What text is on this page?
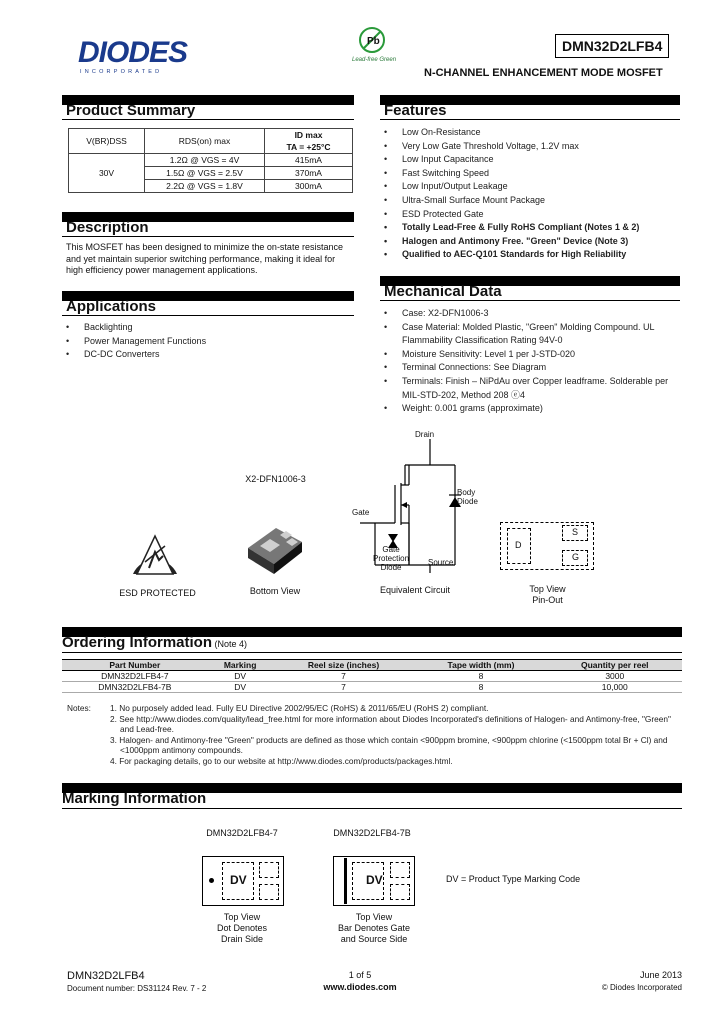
DIODES
INCORPORATED
Pb
Lead-free Green
DMN32D2LFB4
N-CHANNEL ENHANCEMENT MODE MOSFET
Product Summary
V(BR)DSS	RDS(on) max	ID max
		TA = +25°C
30V	1.2Ω @ VGS = 4V	415mA
	1.5Ω @ VGS = 2.5V	370mA
	2.2Ω @ VGS = 1.8V	300mA
Description
This MOSFET has been designed to minimize the on-state resistance
and yet maintain superior switching performance, making it ideal for
high efficiency power management applications.
Applications
• Backlighting
• Power Management Functions
• DC-DC Converters
Features
• Low On-Resistance
• Very Low Gate Threshold Voltage, 1.2V max
• Low Input Capacitance
• Fast Switching Speed
• Low Input/Output Leakage
• Ultra-Small Surface Mount Package
• ESD Protected Gate
• Totally Lead-Free & Fully RoHS Compliant (Notes 1 & 2)
• Halogen and Antimony Free. "Green" Device (Note 3)
• Qualified to AEC-Q101 Standards for High Reliability
Mechanical Data
• Case: X2-DFN1006-3
• Case Material: Molded Plastic, "Green" Molding Compound. UL Flammability Classification Rating 94V-0
• Moisture Sensitivity: Level 1 per J-STD-020
• Terminal Connections: See Diagram
• Terminals: Finish – NiPdAu over Copper leadframe. Solderable per MIL-STD-202, Method 208 ⓔ4
• Weight: 0.001 grams (approximate)
ESD PROTECTED
X2-DFN1006-3
Bottom View
Drain
Gate
Source
Body
Diode
Gate
Protection
Diode
Equivalent Circuit
D
S
G
Top View
Pin-Out
Ordering Information (Note 4)
Part Number	Marking	Reel size (inches)	Tape width (mm)	Quantity per reel
DMN32D2LFB4-7	DV	7	8	3000
DMN32D2LFB4-7B	DV	7	8	10,000
Notes: 1. No purposely added lead. Fully EU Directive 2002/95/EC (RoHS) & 2011/65/EU (RoHS 2) compliant.
2. See http://www.diodes.com/quality/lead_free.html for more information about Diodes Incorporated's definitions of Halogen- and Antimony-free, "Green"
and Lead-free.
3. Halogen- and Antimony-free "Green" products are defined as those which contain <900ppm bromine, <900ppm chlorine (<1500ppm total Br + Cl) and
<1000ppm antimony compounds.
4. For packaging details, go to our website at http://www.diodes.com/products/packages.html.
Marking Information
DMN32D2LFB4-7	DMN32D2LFB4-7B
DV
Top View
Dot Denotes
Drain Side
DV
Top View
Bar Denotes Gate
and Source Side
DV = Product Type Marking Code
DMN32D2LFB4
Document number: DS31124 Rev. 7 - 2
1 of 5
www.diodes.com
June 2013
© Diodes Incorporated
